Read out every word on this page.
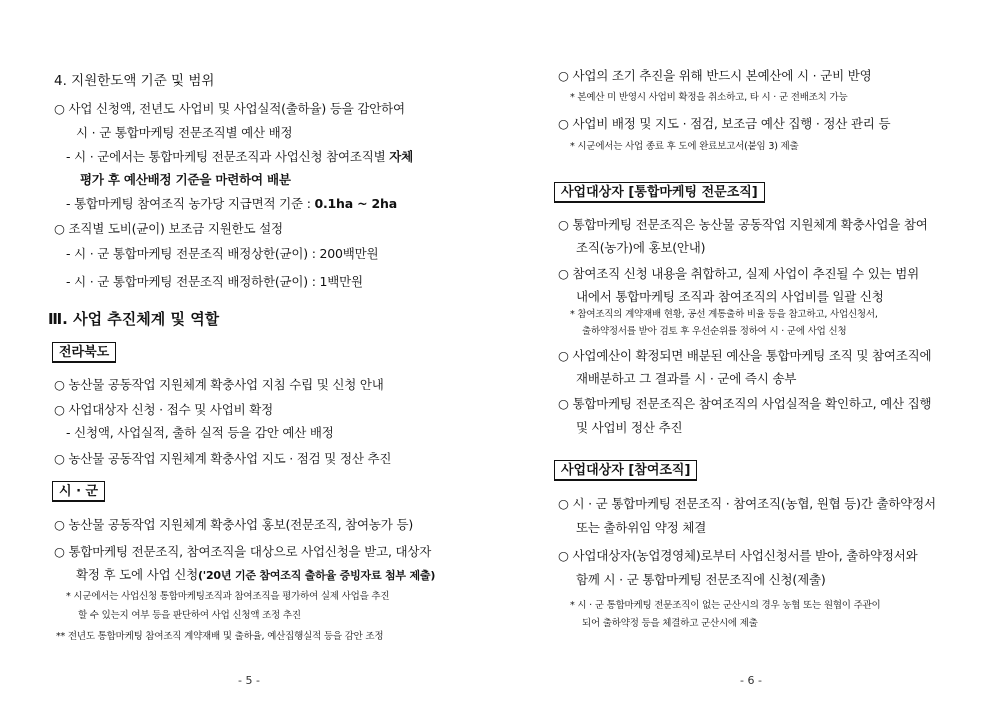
4. 지원한도액 기준 및 범위

○ 사업 신청액, 전년도 사업비 및 사업실적(출하율) 등을 감안하여

시 · 군 통합마케팅 전문조직별 예산 배정

- 시 · 군에서는 통합마케팅 전문조직과 사업신청 참여조직별 자체

평가 후 예산배정 기준을 마련하여 배분

- 통합마케팅 참여조직 농가당 지급면적 기준 : 0.1ha ~ 2ha

○ 조직별 도비(균이) 보조금 지원한도 설정

- 시 · 군 통합마케팅 전문조직 배정상한(균이) : 200백만원

- 시 · 군 통합마케팅 전문조직 배정하한(균이) : 1백만원

Ⅲ. 사업 추진체계 및 역할

전라북도

○ 농산물 공동작업 지원체계 확충사업 지침 수립 및 신청 안내

○ 사업대상자 신청 · 접수 및 사업비 확정

- 신청액, 사업실적, 출하 실적 등을 감안 예산 배정

○ 농산물 공동작업 지원체계 확충사업 지도 · 점검 및 정산 추진

시 · 군

○ 농산물 공동작업 지원체계 확충사업 홍보(전문조직, 참여농가 등)

○ 통합마케팅 전문조직, 참여조직을 대상으로 사업신청을 받고, 대상자

확정 후 도에 사업 신청('20년 기준 참여조직 출하율 증빙자료 첨부 제출)

* 시군에서는 사업신청 통합마케팅조직과 참여조직을 평가하여 실제 사업을 추진

할 수 있는지 여부 등을 판단하여 사업 신청액 조정 추진

** 전년도 통합마케팅 참여조직 계약재배 및 출하율, 예산집행실적 등을 감안 조정

- 5 -

○ 사업의 조기 추진을 위해 반드시 본예산에 시 · 군비 반영

* 본예산 미 반영시 사업비 확정을 취소하고, 타 시 · 군 전배조치 가능

○ 사업비 배정 및 지도 · 점검, 보조금 예산 집행 · 정산 관리 등

* 시군에서는 사업 종료 후 도에 완료보고서(붙임 3) 제출

사업대상자 [통합마케팅 전문조직]

○ 통합마케팅 전문조직은 농산물 공동작업 지원체계 확충사업을 참여

조직(농가)에 홍보(안내)

○ 참여조직 신청 내용을 취합하고, 실제 사업이 추진될 수 있는 범위

내에서 통합마케팅 조직과 참여조직의 사업비를 일괄 신청

* 참여조직의 계약재배 현황, 공선 계통출하 비율 등을 참고하고, 사업신청서,

출하약정서를 받아 검토 후 우선순위를 정하여 시 · 군에 사업 신청

○ 사업예산이 확정되면 배분된 예산을 통합마케팅 조직 및 참여조직에

재배분하고 그 결과를 시 · 군에 즉시 송부

○ 통합마케팅 전문조직은 참여조직의 사업실적을 확인하고, 예산 집행

및 사업비 정산 추진

사업대상자 [참여조직]

○ 시 · 군 통합마케팅 전문조직 · 참여조직(농협, 원협 등)간 출하약정서

또는 출하위임 약정 체결

○ 사업대상자(농업경영체)로부터 사업신청서를 받아, 출하약정서와

함께 시 · 군 통합마케팅 전문조직에 신청(제출)

* 시 · 군 통합마케팅 전문조직이 없는 군산시의 경우 농협 또는 원협이 주관이

되어 출하약정 등을 체결하고 군산시에 제출

- 6 -
